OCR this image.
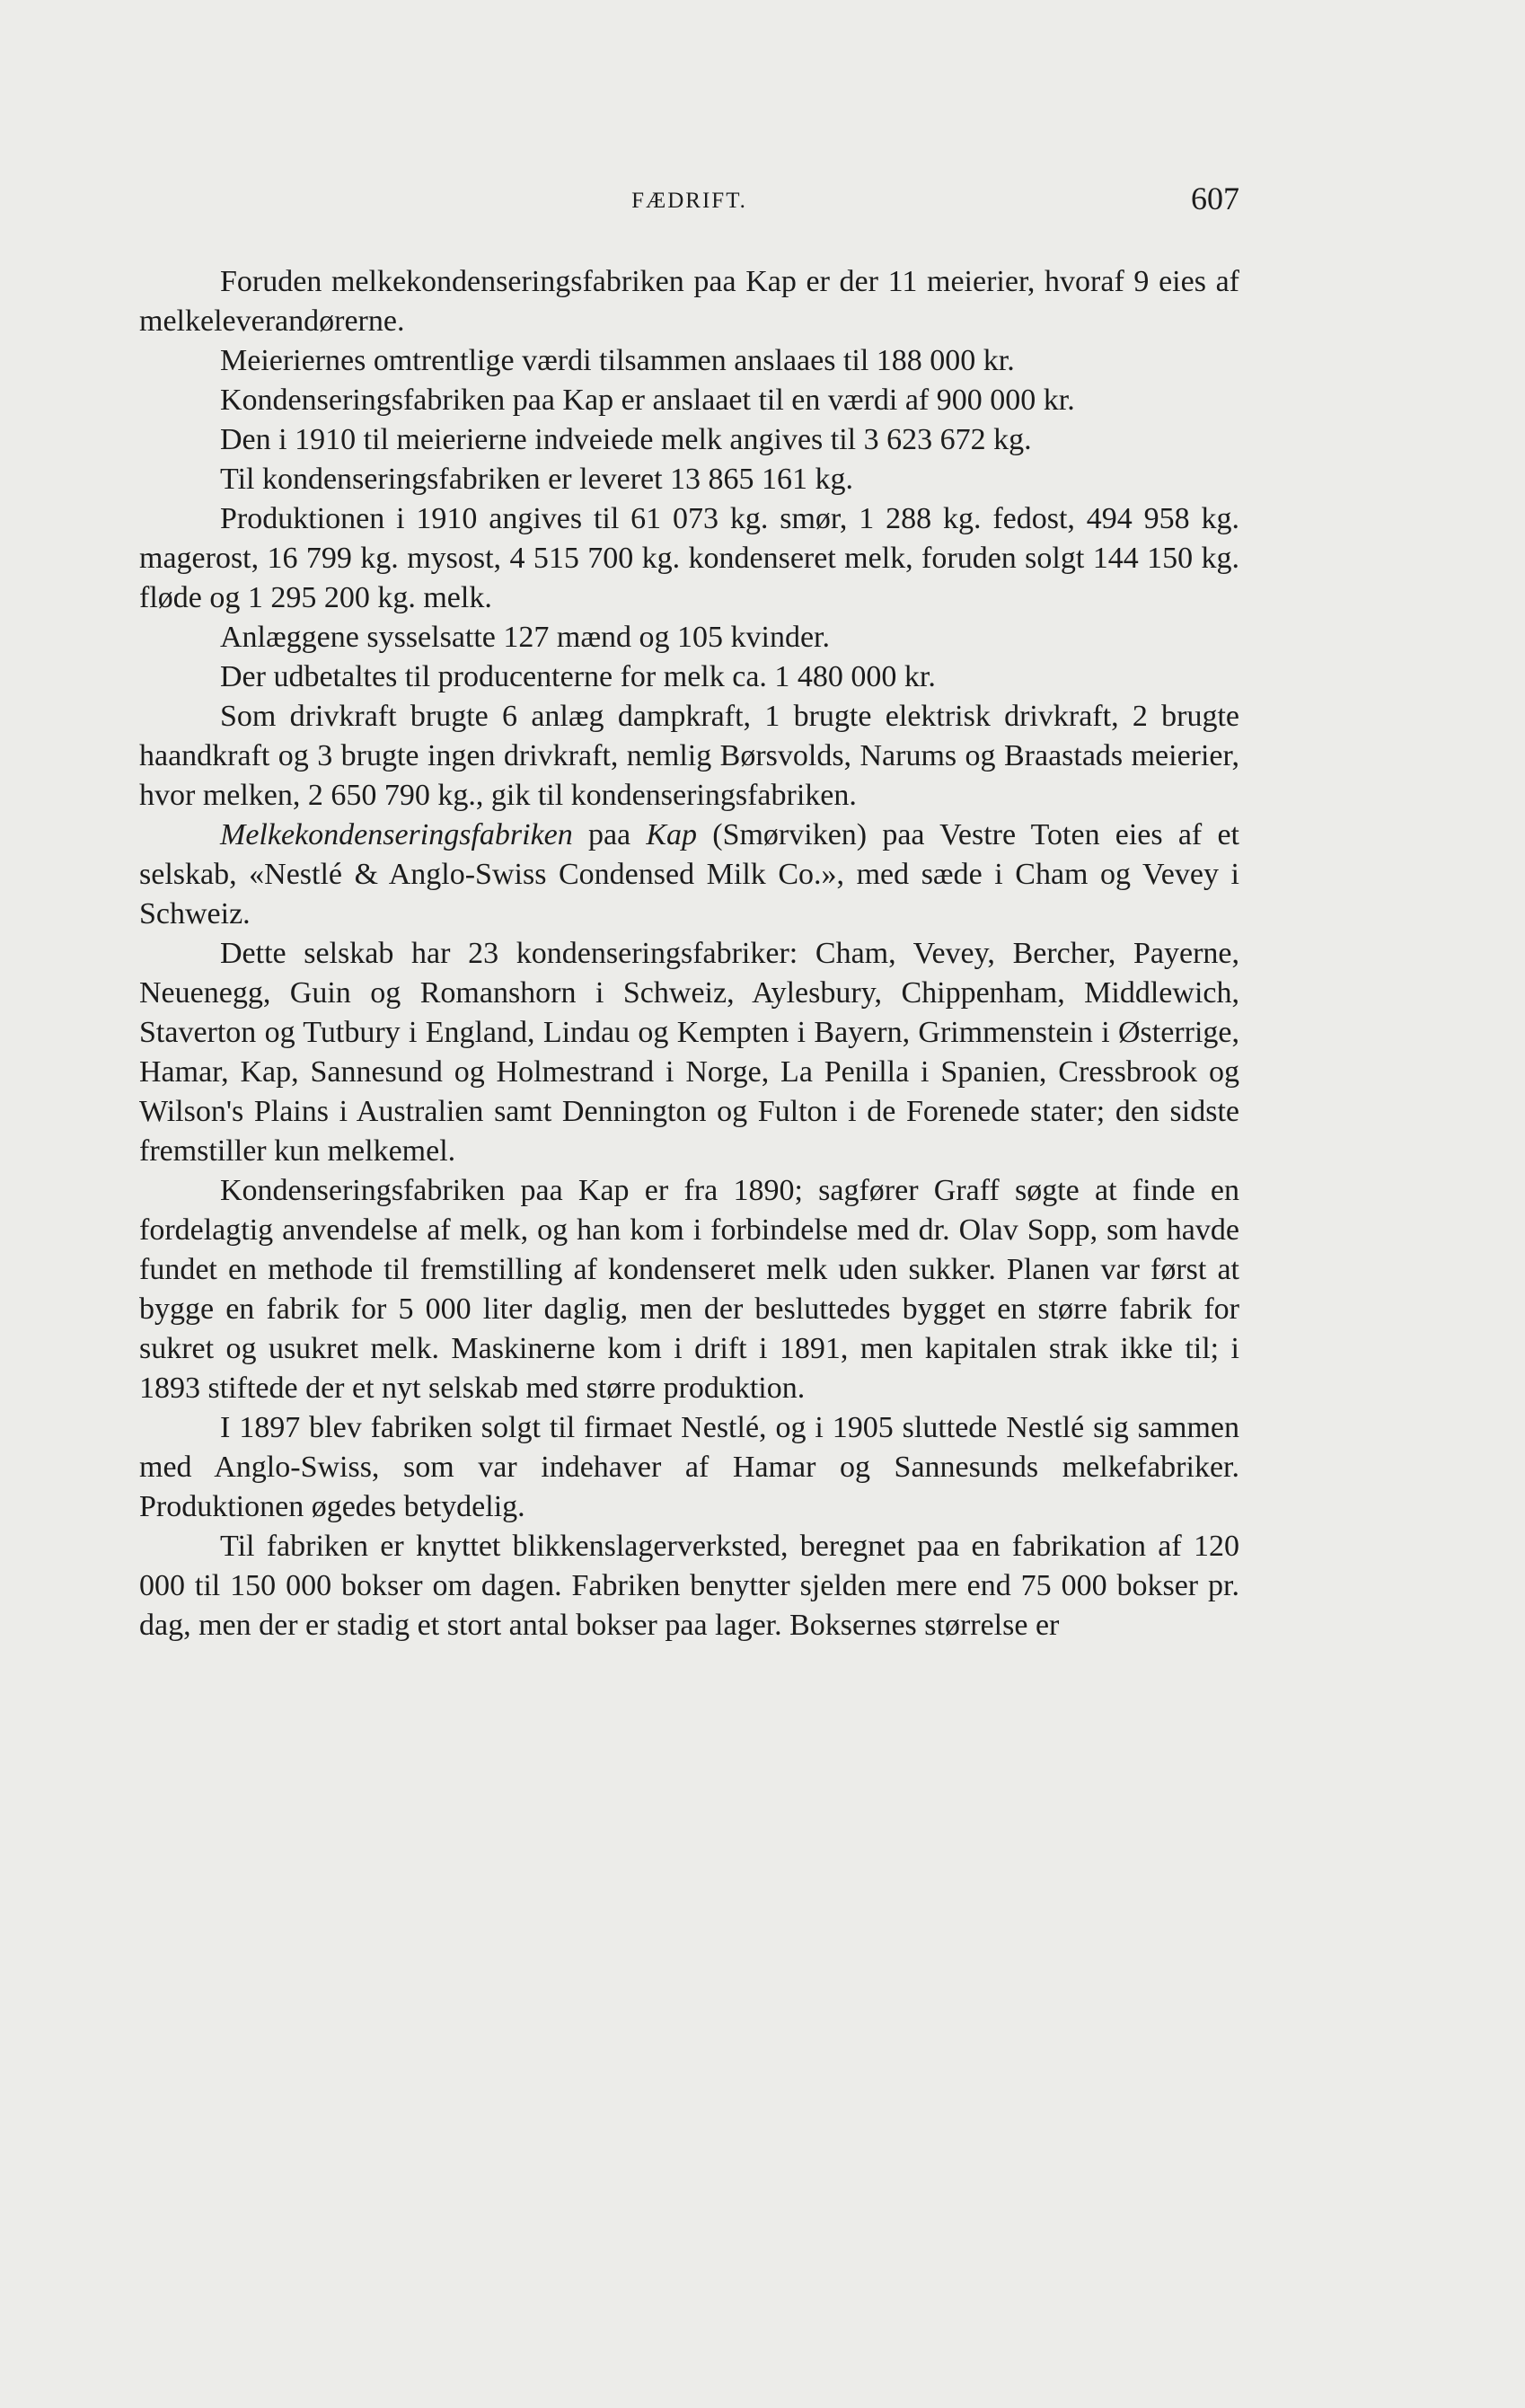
FÆDRIFT.	607

Foruden melkekondenseringsfabriken paa Kap er der 11 meierier, hvoraf 9 eies af melkeleverandørerne.

Meieriernes omtrentlige værdi tilsammen anslaaes til 188 000 kr.

Kondenseringsfabriken paa Kap er anslaaet til en værdi af 900 000 kr.

Den i 1910 til meierierne indveiede melk angives til 3 623 672 kg.

Til kondenseringsfabriken er leveret 13 865 161 kg.

Produktionen i 1910 angives til 61 073 kg. smør, 1 288 kg. fedost, 494 958 kg. magerost, 16 799 kg. mysost, 4 515 700 kg. kondenseret melk, foruden solgt 144 150 kg. fløde og 1 295 200 kg. melk.

Anlæggene sysselsatte 127 mænd og 105 kvinder.

Der udbetaltes til producenterne for melk ca. 1 480 000 kr.

Som drivkraft brugte 6 anlæg dampkraft, 1 brugte elektrisk drivkraft, 2 brugte haandkraft og 3 brugte ingen drivkraft, nemlig Børsvolds, Narums og Braastads meierier, hvor melken, 2 650 790 kg., gik til kondenseringsfabriken.

Melkekondenseringsfabriken paa Kap (Smørviken) paa Vestre Toten eies af et selskab, «Nestlé & Anglo-Swiss Condensed Milk Co.», med sæde i Cham og Vevey i Schweiz.

Dette selskab har 23 kondenseringsfabriker: Cham, Vevey, Bercher, Payerne, Neuenegg, Guin og Romanshorn i Schweiz, Aylesbury, Chippenham, Middlewich, Staverton og Tutbury i England, Lindau og Kempten i Bayern, Grimmenstein i Østerrige, Hamar, Kap, Sannesund og Holmestrand i Norge, La Penilla i Spanien, Cressbrook og Wilson's Plains i Australien samt Dennington og Fulton i de Forenede stater; den sidste fremstiller kun melkemel.

Kondenseringsfabriken paa Kap er fra 1890; sagfører Graff søgte at finde en fordelagtig anvendelse af melk, og han kom i forbindelse med dr. Olav Sopp, som havde fundet en methode til fremstilling af kondenseret melk uden sukker. Planen var først at bygge en fabrik for 5 000 liter daglig, men der besluttedes bygget en større fabrik for sukret og usukret melk. Maskinerne kom i drift i 1891, men kapitalen strak ikke til; i 1893 stiftede der et nyt selskab med større produktion.

I 1897 blev fabriken solgt til firmaet Nestlé, og i 1905 sluttede Nestlé sig sammen med Anglo-Swiss, som var indehaver af Hamar og Sannesunds melkefabriker. Produktionen øgedes betydelig.

Til fabriken er knyttet blikkenslagerverksted, beregnet paa en fabrikation af 120 000 til 150 000 bokser om dagen. Fabriken benytter sjelden mere end 75 000 bokser pr. dag, men der er stadig et stort antal bokser paa lager. Boksernes størrelse er
